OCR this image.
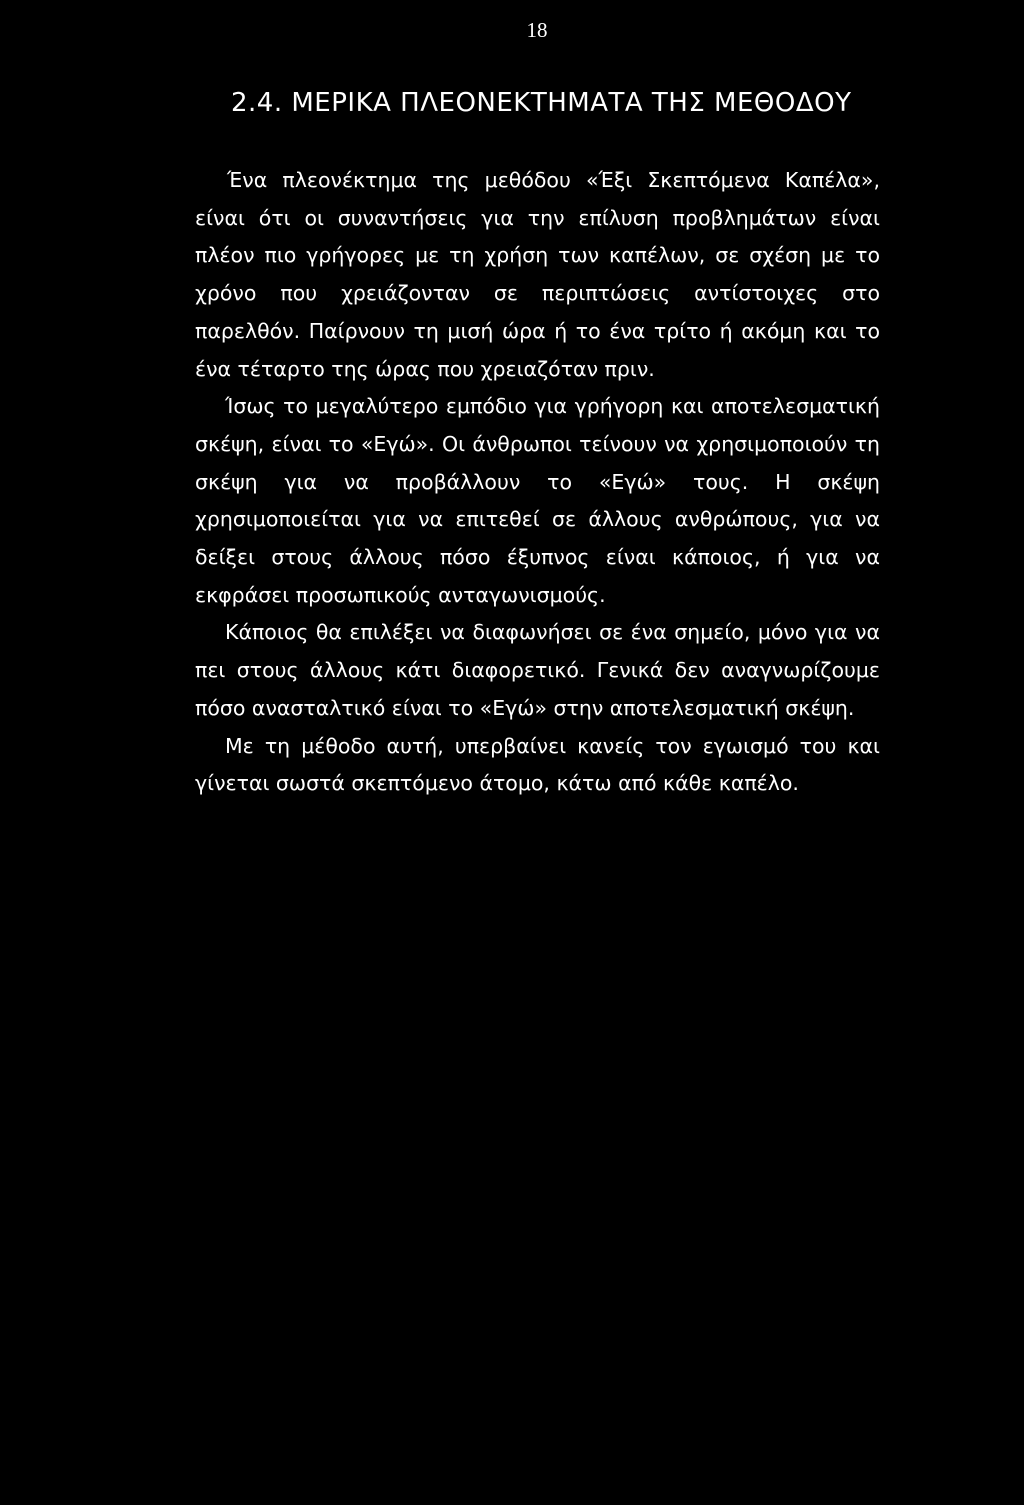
18
2.4. ΜΕΡΙΚΑ ΠΛΕΟΝΕΚΤΗΜΑΤΑ ΤΗΣ ΜΕΘΟΔΟΥ

Ένα πλεονέκτημα της μεθόδου «Έξι Σκεπτόμενα Καπέλα», είναι ότι οι συναντήσεις για την επίλυση προβλημάτων είναι πλέον πιο γρήγορες με τη χρήση των καπέλων, σε σχέση με το χρόνο που χρειάζονταν σε περιπτώσεις αντίστοιχες στο παρελθόν. Παίρνουν τη μισή ώρα ή το ένα τρίτο ή ακόμη και το ένα τέταρτο της ώρας που χρειαζόταν πριν.

Ίσως το μεγαλύτερο εμπόδιο για γρήγορη και αποτελεσματική σκέψη, είναι το «Εγώ». Οι άνθρωποι τείνουν να χρησιμοποιούν τη σκέψη για να προβάλλουν το «Εγώ» τους. Η σκέψη χρησιμοποιείται για να επιτεθεί σε άλλους ανθρώπους, για να δείξει στους άλλους πόσο έξυπνος είναι κάποιος, ή για να εκφράσει προσωπικούς ανταγωνισμούς.

Κάποιος θα επιλέξει να διαφωνήσει σε ένα σημείο, μόνο για να πει στους άλλους κάτι διαφορετικό. Γενικά δεν αναγνωρίζουμε πόσο ανασταλτικό είναι το «Εγώ» στην αποτελεσματική σκέψη.

Με τη μέθοδο αυτή, υπερβαίνει κανείς τον εγωισμό του και γίνεται σωστά σκεπτόμενο άτομο, κάτω από κάθε καπέλο.
